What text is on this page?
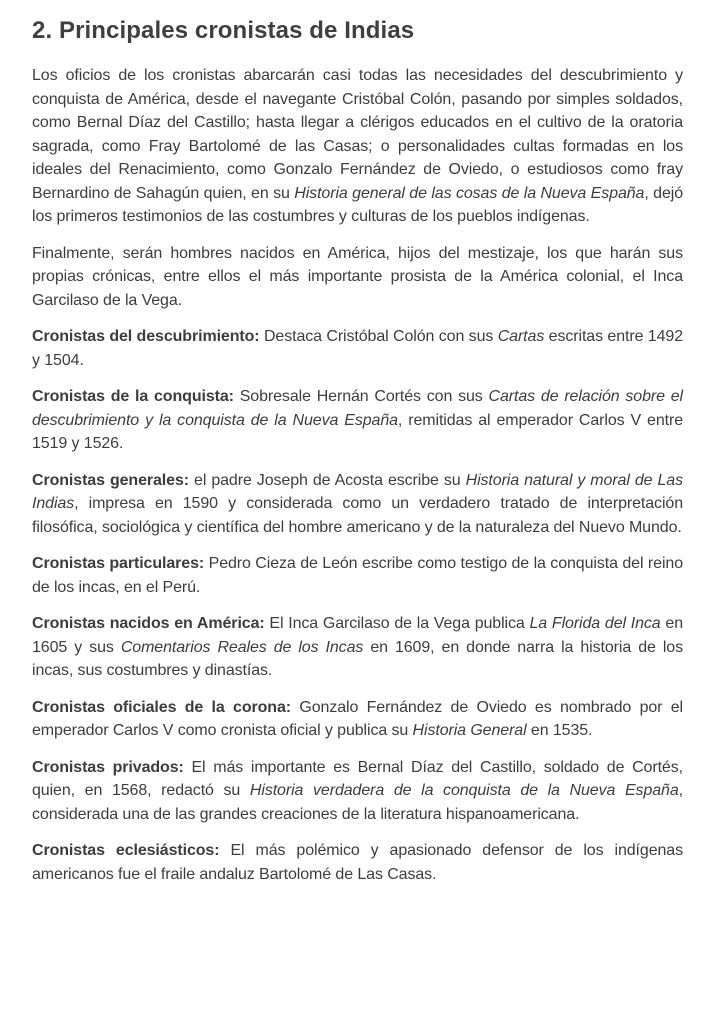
2. Principales cronistas de Indias

Los oficios de los cronistas abarcarán casi todas las necesidades del descubrimiento y conquista de América, desde el navegante Cristóbal Colón, pasando por simples soldados, como Bernal Díaz del Castillo; hasta llegar a clérigos educados en el cultivo de la oratoria sagrada, como Fray Bartolomé de las Casas; o personalidades cultas formadas en los ideales del Renacimiento, como Gonzalo Fernández de Oviedo, o estudiosos como fray Bernardino de Sahagún quien, en su Historia general de las cosas de la Nueva España, dejó los primeros testimonios de las costumbres y culturas de los pueblos indígenas.

Finalmente, serán hombres nacidos en América, hijos del mestizaje, los que harán sus propias crónicas, entre ellos el más importante prosista de la América colonial, el Inca Garcilaso de la Vega.

Cronistas del descubrimiento: Destaca Cristóbal Colón con sus Cartas escritas entre 1492 y 1504.

Cronistas de la conquista: Sobresale Hernán Cortés con sus Cartas de relación sobre el descubrimiento y la conquista de la Nueva España, remitidas al emperador Carlos V entre 1519 y 1526.

Cronistas generales: el padre Joseph de Acosta escribe su Historia natural y moral de Las Indias, impresa en 1590 y considerada como un verdadero tratado de interpretación filosófica, sociológica y científica del hombre americano y de la naturaleza del Nuevo Mundo.

Cronistas particulares: Pedro Cieza de León escribe como testigo de la conquista del reino de los incas, en el Perú.

Cronistas nacidos en América: El Inca Garcilaso de la Vega publica La Florida del Inca en 1605 y sus Comentarios Reales de los Incas en 1609, en donde narra la historia de los incas, sus costumbres y dinastías.

Cronistas oficiales de la corona: Gonzalo Fernández de Oviedo es nombrado por el emperador Carlos V como cronista oficial y publica su Historia General en 1535.

Cronistas privados: El más importante es Bernal Díaz del Castillo, soldado de Cortés, quien, en 1568, redactó su Historia verdadera de la conquista de la Nueva España, considerada una de las grandes creaciones de la literatura hispanoamericana.

Cronistas eclesiásticos: El más polémico y apasionado defensor de los indígenas americanos fue el fraile andaluz Bartolomé de Las Casas.
